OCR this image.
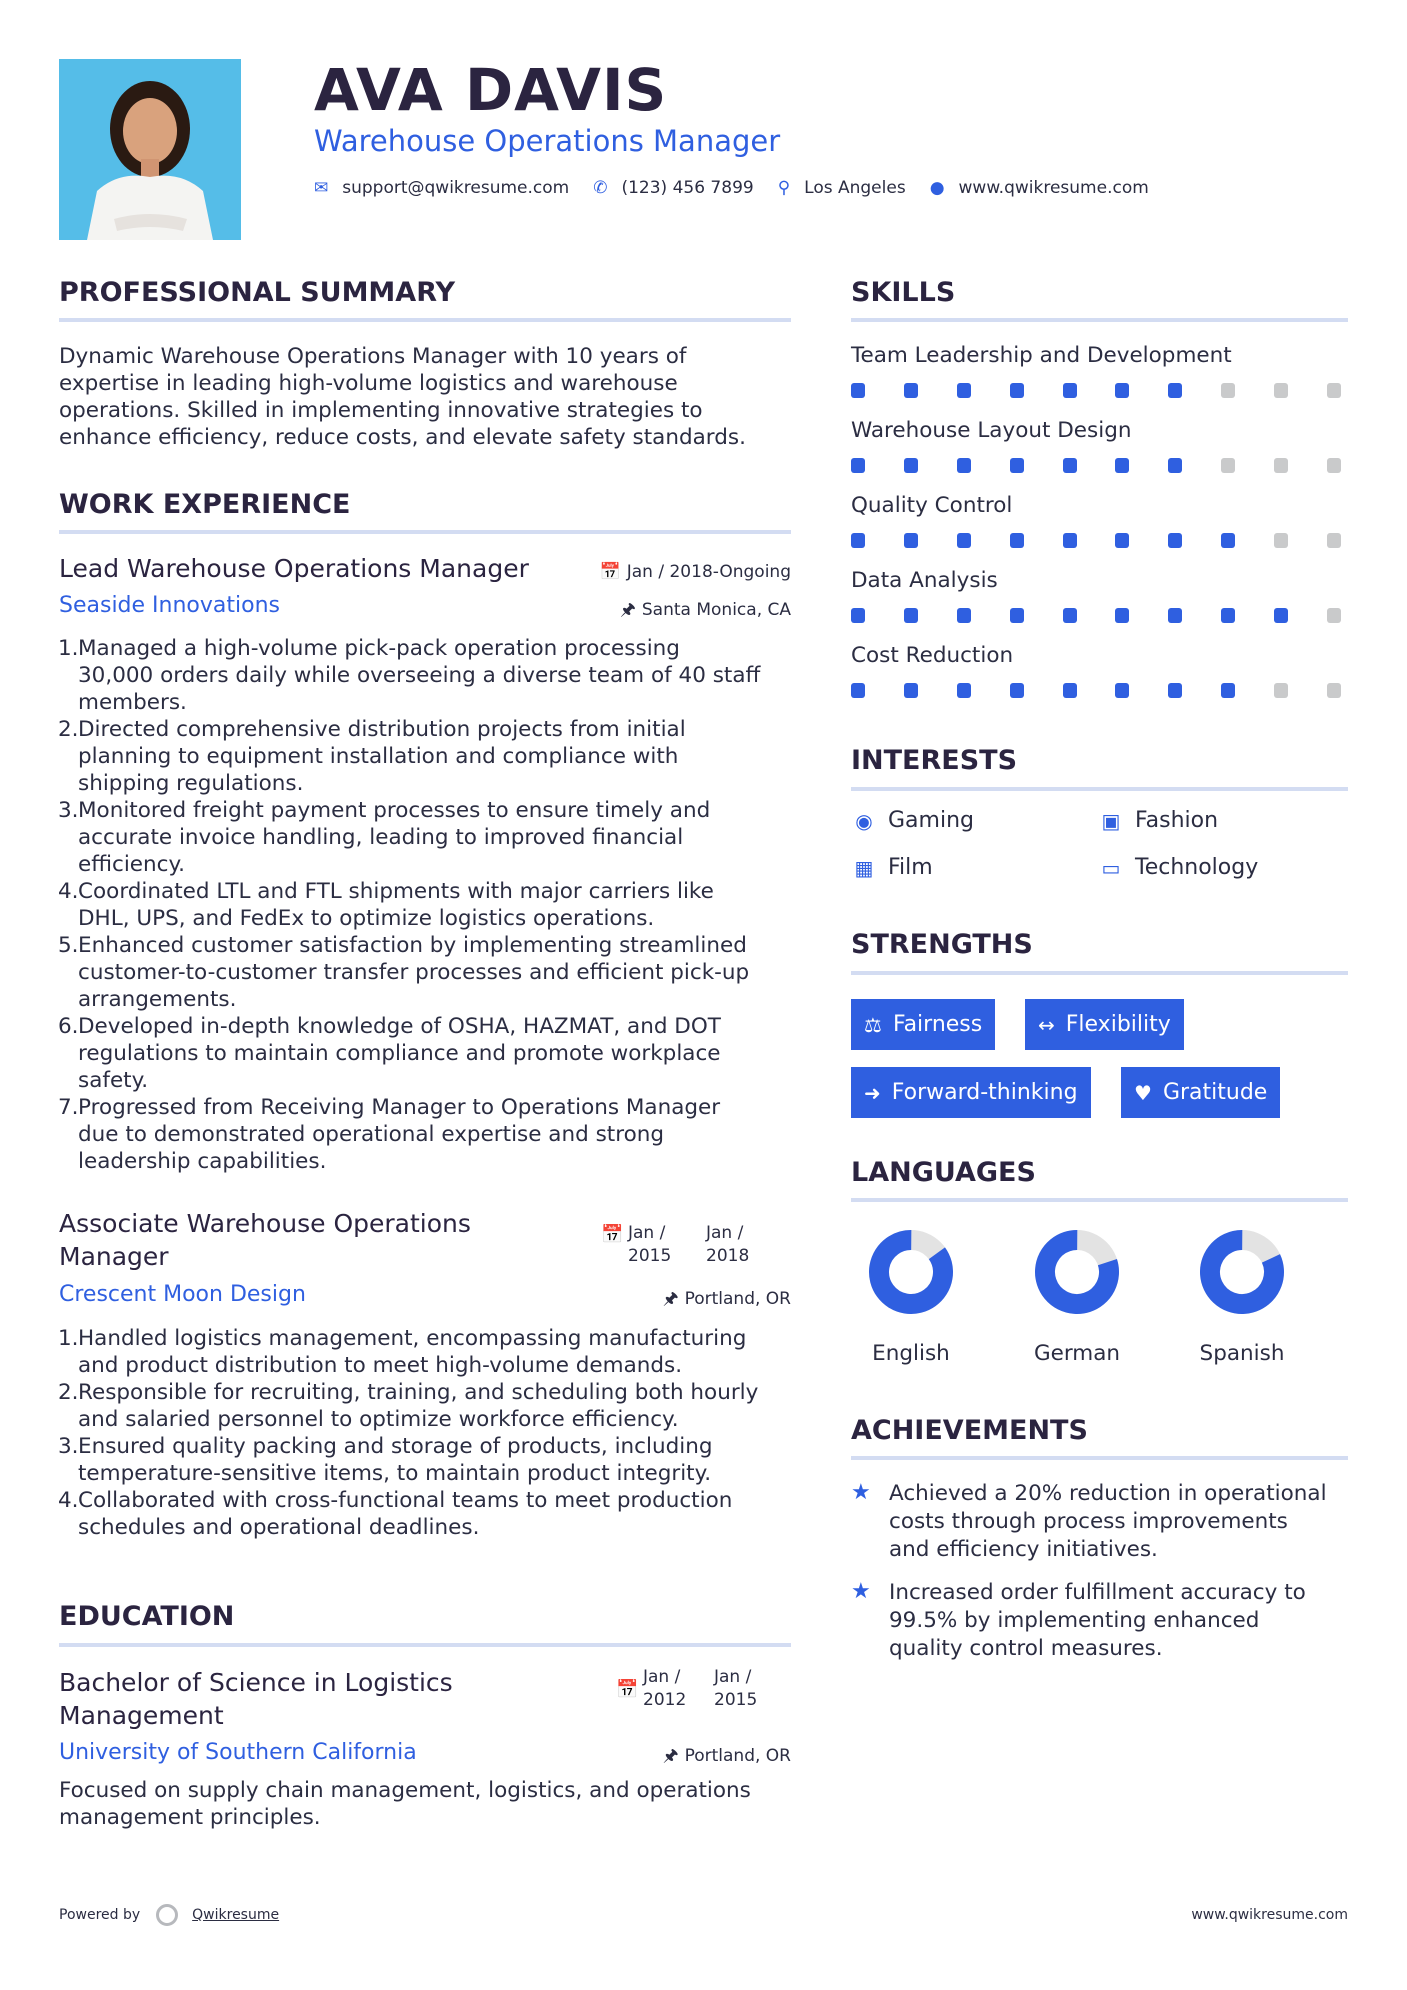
AVA DAVIS
Warehouse Operations Manager
✉ support@qwikresume.com ✆ (123) 456 7899 ⚲ Los Angeles ● www.qwikresume.com
PROFESSIONAL SUMMARY
Dynamic Warehouse Operations Manager with 10 years of
expertise in leading high-volume logistics and warehouse
operations. Skilled in implementing innovative strategies to
enhance efficiency, reduce costs, and elevate safety standards.
WORK EXPERIENCE
Lead Warehouse Operations Manager	📅 Jan / 2018-Ongoing
Seaside Innovations	🖈 Santa Monica, CA
1. Managed a high-volume pick-pack operation processing
30,000 orders daily while overseeing a diverse team of 40 staff
members.
2. Directed comprehensive distribution projects from initial
planning to equipment installation and compliance with
shipping regulations.
3. Monitored freight payment processes to ensure timely and
accurate invoice handling, leading to improved financial
efficiency.
4. Coordinated LTL and FTL shipments with major carriers like
DHL, UPS, and FedEx to optimize logistics operations.
5. Enhanced customer satisfaction by implementing streamlined
customer-to-customer transfer processes and efficient pick-up
arrangements.
6. Developed in-depth knowledge of OSHA, HAZMAT, and DOT
regulations to maintain compliance and promote workplace
safety.
7. Progressed from Receiving Manager to Operations Manager
due to demonstrated operational expertise and strong
leadership capabilities.
Associate Warehouse Operations
Manager
📅 Jan /
2015
Jan /
2018
Crescent Moon Design	🖈 Portland, OR
1. Handled logistics management, encompassing manufacturing
and product distribution to meet high-volume demands.
2. Responsible for recruiting, training, and scheduling both hourly
and salaried personnel to optimize workforce efficiency.
3. Ensured quality packing and storage of products, including
temperature-sensitive items, to maintain product integrity.
4. Collaborated with cross-functional teams to meet production
schedules and operational deadlines.
EDUCATION
Bachelor of Science in Logistics
Management
📅
Jan /
2012
Jan /
2015
University of Southern California	🖈 Portland, OR
Focused on supply chain management, logistics, and operations
management principles.
SKILLS
Team Leadership and Development
Warehouse Layout Design
Quality Control
Data Analysis
Cost Reduction
INTERESTS
◉ Gaming	▣ Fashion
▦ Film	▭ Technology
STRENGTHS
⚖ Fairness	↔ Flexibility
➜ Forward-thinking	♥ Gratitude
LANGUAGES
English	German	Spanish
ACHIEVEMENTS
★ Achieved a 20% reduction in operational
costs through process improvements
and efficiency initiatives.
★ Increased order fulfillment accuracy to
99.5% by implementing enhanced
quality control measures.
Powered by	Qwikresume	www.qwikresume.com
